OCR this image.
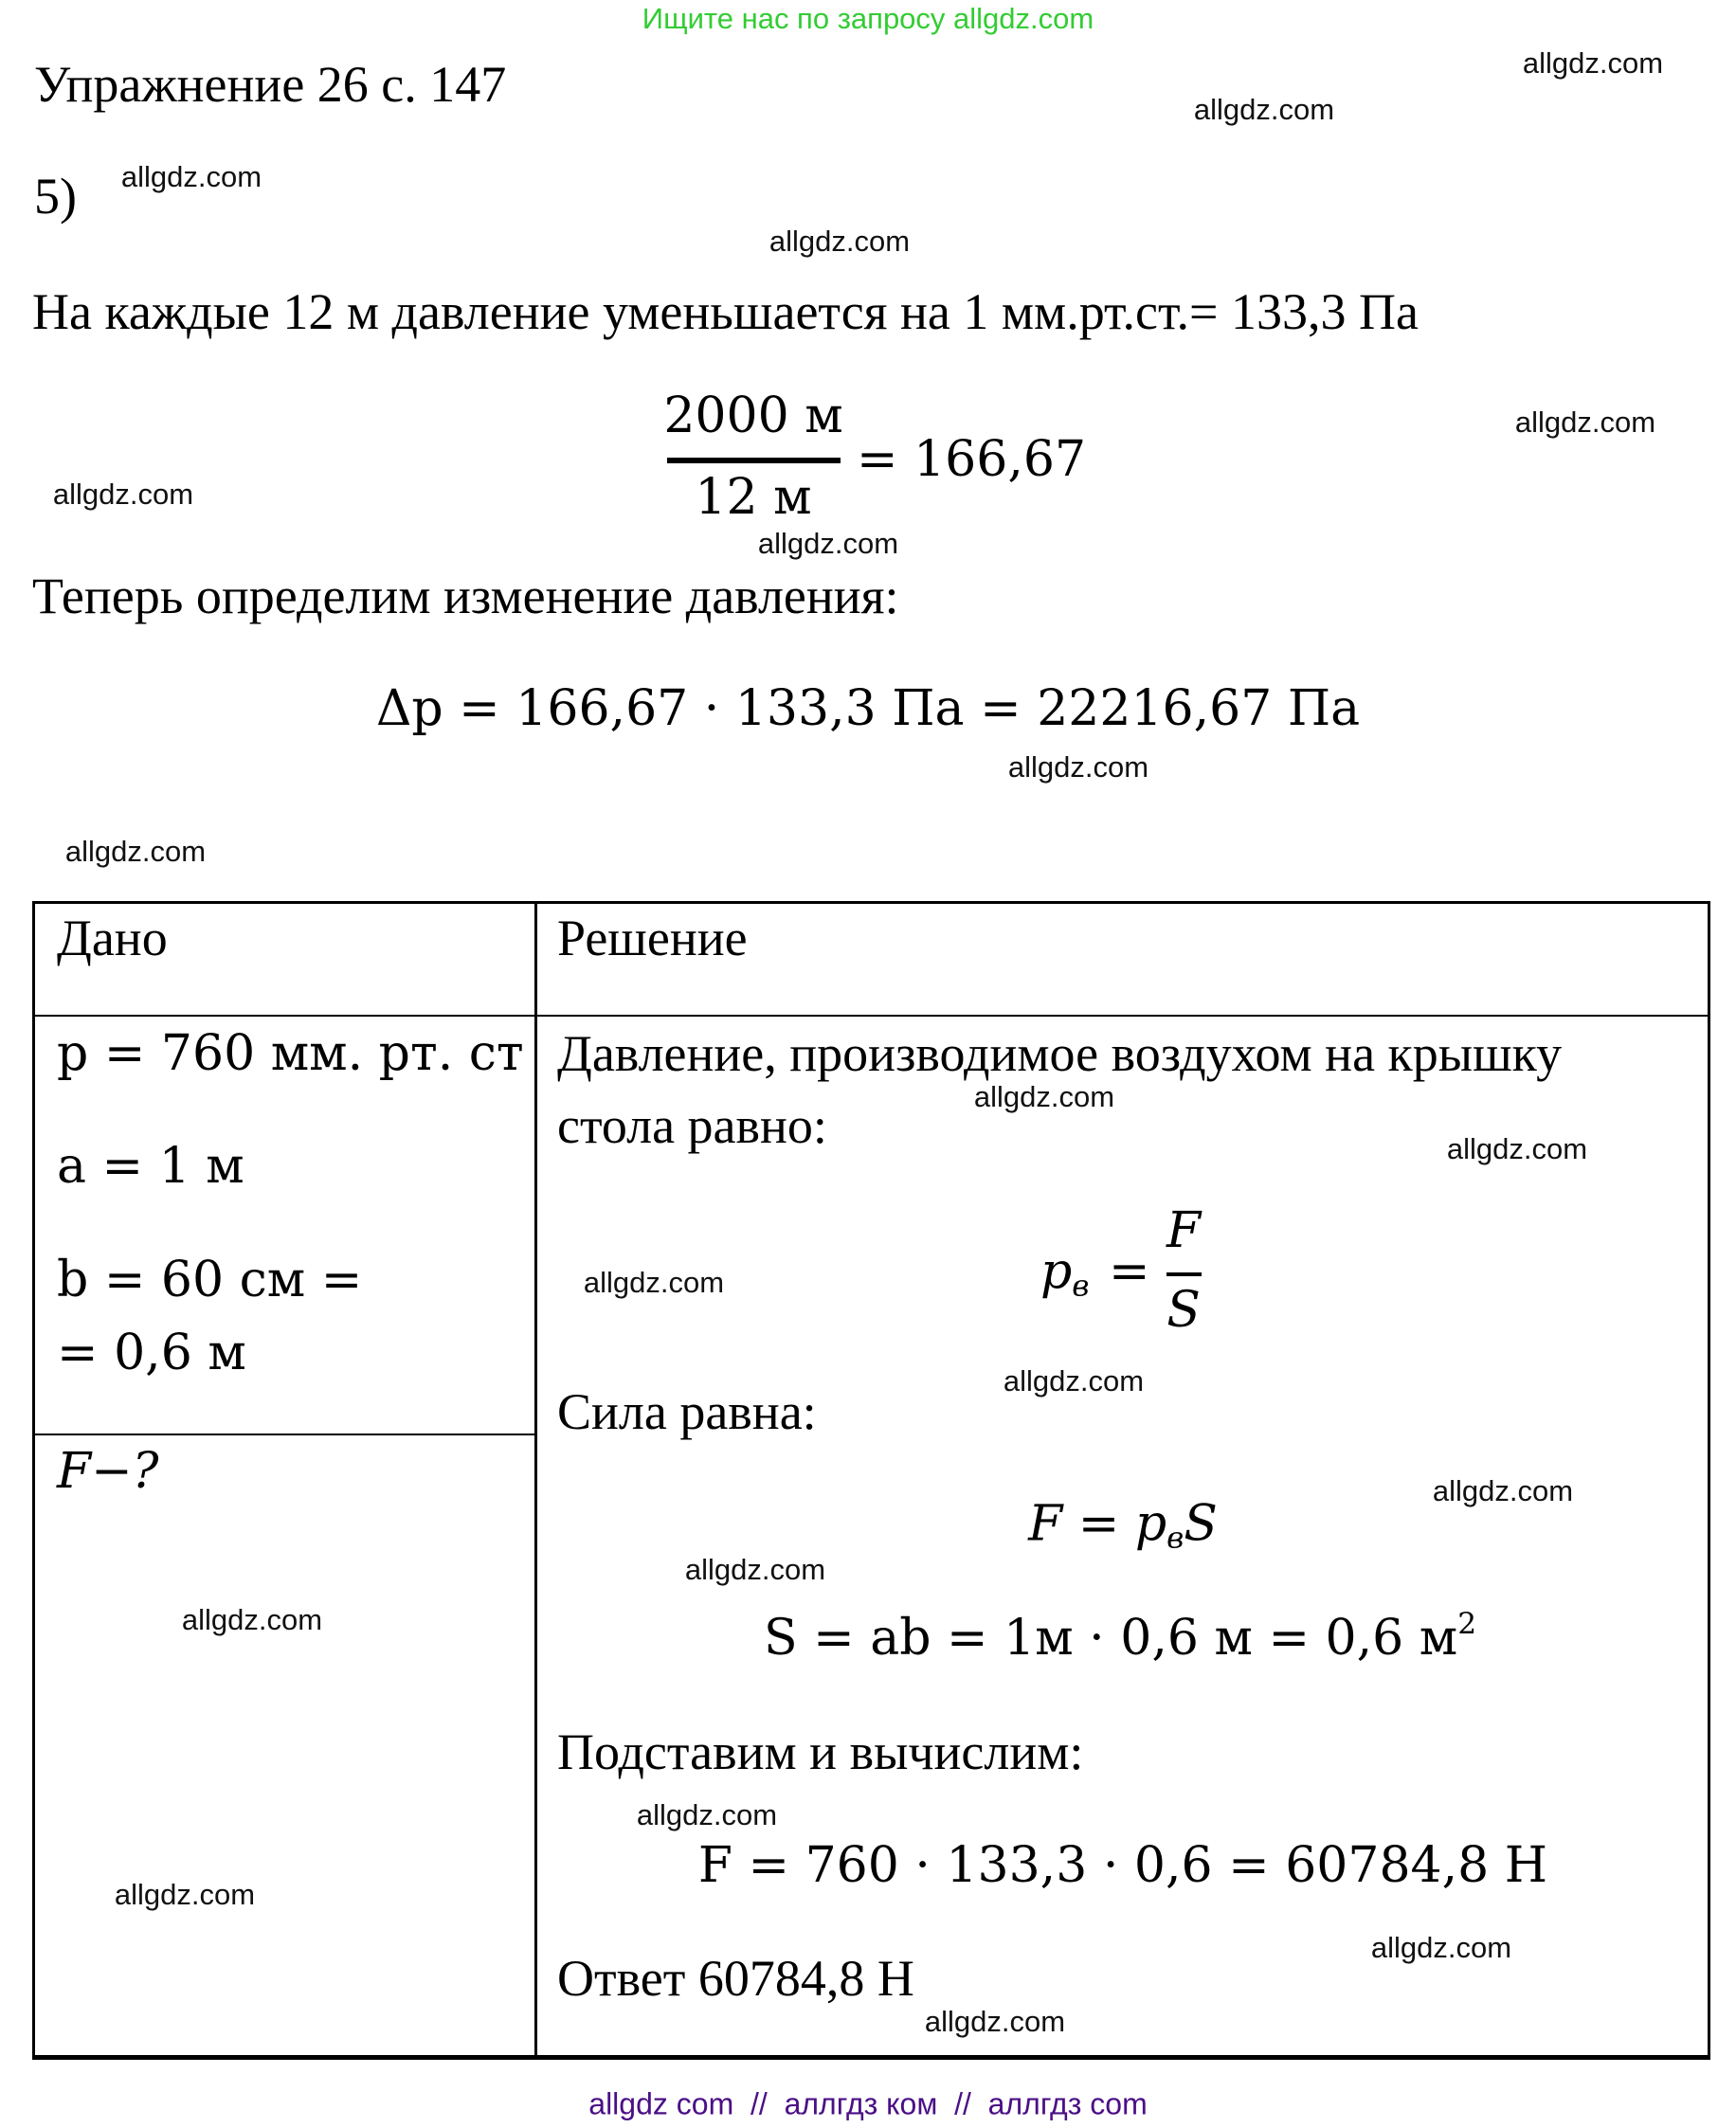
Ищите нас по запросу allgdz.com
Упражнение 26 с. 147
5)
На каждые 12 м давление уменьшается на 1 мм.рт.ст.= 133,3 Па
2000 м
12 м
= 166,67
Теперь определим изменение давления:
Δp = 166,67 · 133,3 Па = 22216,67 Па
Дано	Решение
p = 760 мм. рт. ст
a = 1 м
b = 60 см =
= 0,6 м
F−?
Давление, производимое воздухом на крышку
стола равно:
$p_в$ =
F
S
Сила равна:
$F = p_вS$
S = ab = 1м · 0,6 м = 0,6 $м^2$
Подставим и вычислим:
F = 760 · 133,3 · 0,6 = 60784,8 Н
Ответ 60784,8 Н
allgdz.com
allgdz.com
allgdz.com
allgdz.com
allgdz.com
allgdz.com
allgdz.com
allgdz.com
allgdz.com
allgdz.com
allgdz.com
allgdz.com
allgdz.com
allgdz.com
allgdz.com
allgdz.com
allgdz.com
allgdz.com
allgdz.com
allgdz.com
allgdz com  //  аллгдз ком  //  аллгдз com
